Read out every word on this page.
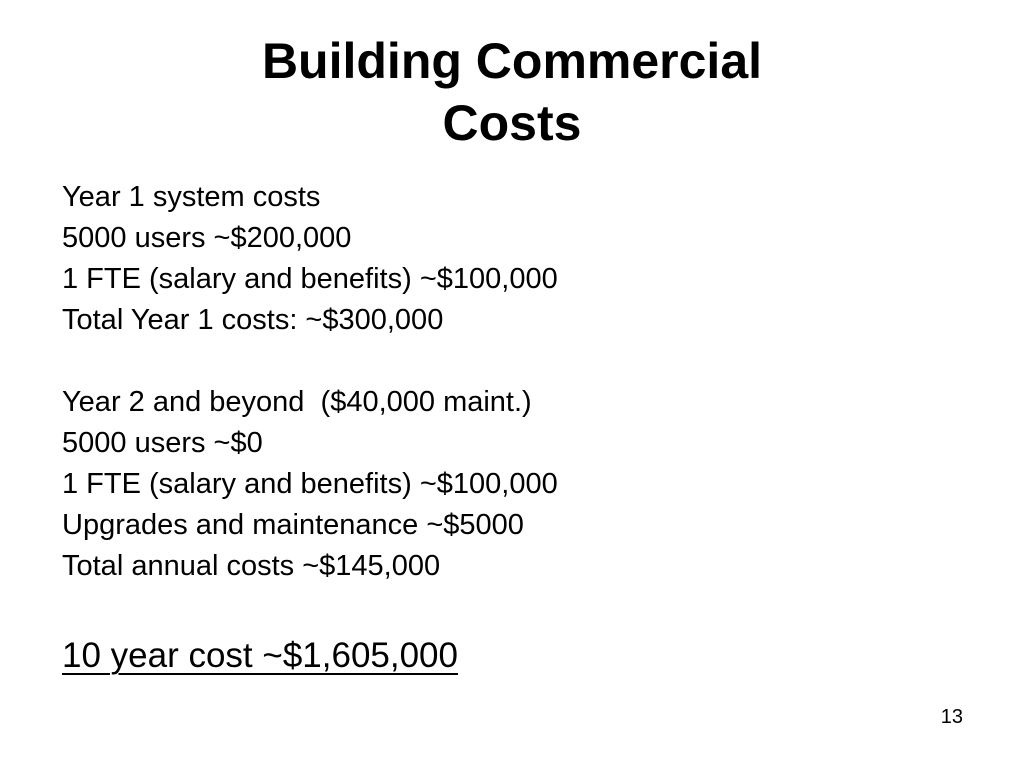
Building Commercial
Costs
Year 1 system costs
5000 users ~$200,000
1 FTE (salary and benefits) ~$100,000
Total Year 1 costs: ~$300,000
Year 2 and beyond  ($40,000 maint.)
5000 users ~$0
1 FTE (salary and benefits) ~$100,000
Upgrades and maintenance ~$5000
Total annual costs ~$145,000
10 year cost ~$1,605,000
13
